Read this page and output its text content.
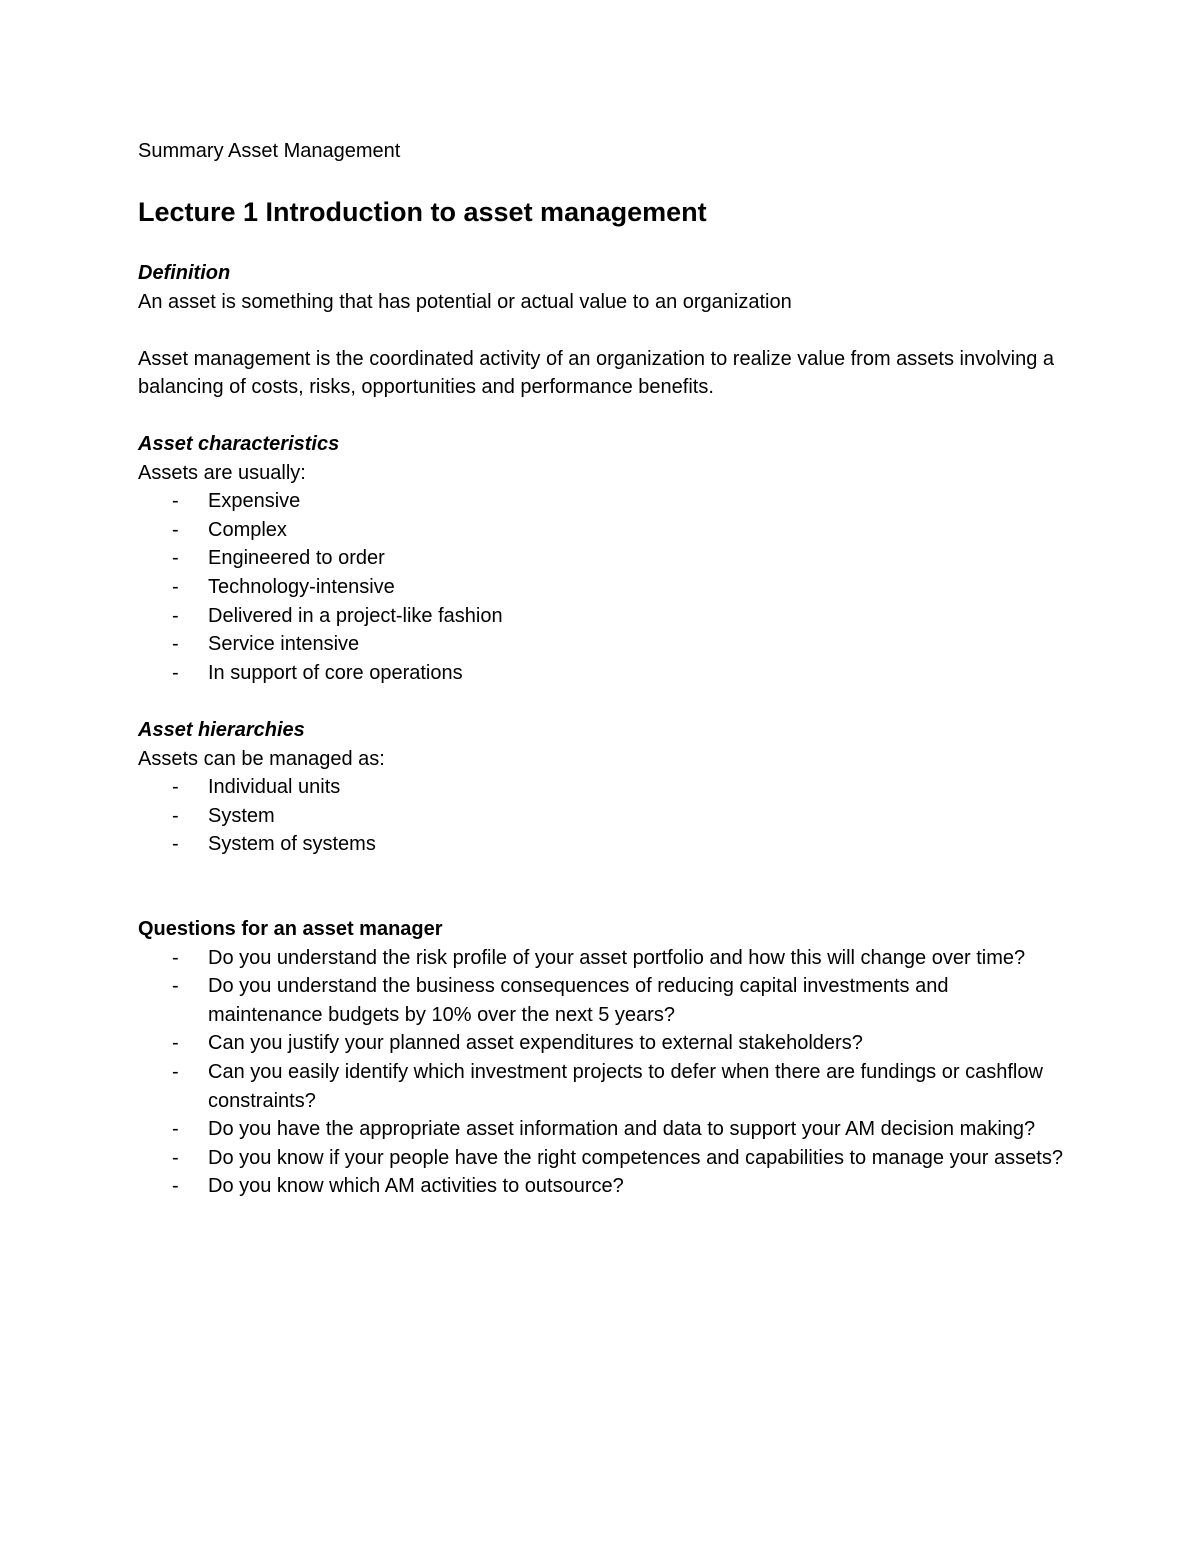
Summary Asset Management

Lecture 1 Introduction to asset management

Definition

An asset is something that has potential or actual value to an organization

Asset management is the coordinated activity of an organization to realize value from assets involving a balancing of costs, risks, opportunities and performance benefits.

Asset characteristics

Assets are usually:

- Expensive
- Complex
- Engineered to order
- Technology-intensive
- Delivered in a project-like fashion
- Service intensive
- In support of core operations

Asset hierarchies

Assets can be managed as:

- Individual units
- System
- System of systems

Questions for an asset manager

- Do you understand the risk profile of your asset portfolio and how this will change over time?
- Do you understand the business consequences of reducing capital investments and maintenance budgets by 10% over the next 5 years?
- Can you justify your planned asset expenditures to external stakeholders?
- Can you easily identify which investment projects to defer when there are fundings or cashflow constraints?
- Do you have the appropriate asset information and data to support your AM decision making?
- Do you know if your people have the right competences and capabilities to manage your assets?
- Do you know which AM activities to outsource?
